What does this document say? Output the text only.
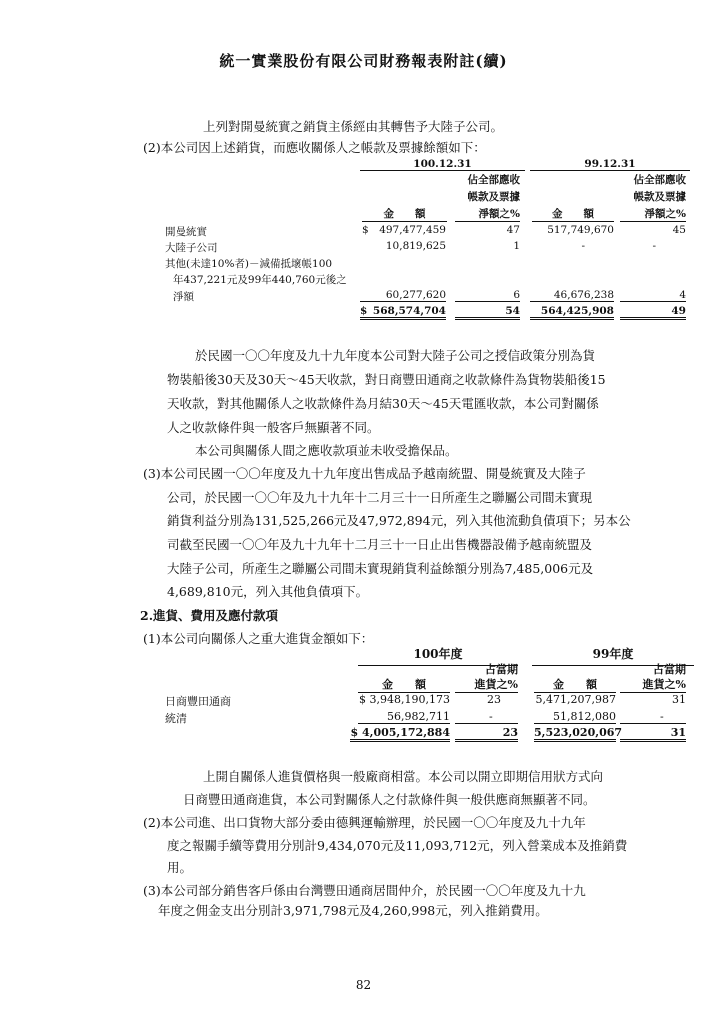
統一實業股份有限公司財務報表附註(續)
上列對開曼統實之銷貨主係經由其轉售予大陸子公司。
(2)本公司因上述銷貨，而應收關係人之帳款及票據餘額如下：
100.12.31	99.12.31
佔全部應收
帳款及票據
淨額之%
金　　額
佔全部應收
帳款及票據
淨額之%
金　　額
開曼統實	$	497,477,459	47	517,749,670	45
大陸子公司	10,819,625	1	-	-
其他(未達10%者)－減備抵壞帳100
年437,221元及99年440,760元後之
淨額	60,277,620	6	46,676,238	4
$ 568,574,704	54	564,425,908	49
於民國一〇〇年度及九十九年度本公司對大陸子公司之授信政策分別為貨
物裝船後30天及30天～45天收款，對日商豐田通商之收款條件為貨物裝船後15
天收款，對其他關係人之收款條件為月結30天～45天電匯收款，本公司對關係
人之收款條件與一般客戶無顯著不同。
本公司與關係人間之應收款項並未收受擔保品。
(3)本公司民國一〇〇年度及九十九年度出售成品予越南統盟、開曼統實及大陸子
公司，於民國一〇〇年及九十九年十二月三十一日所產生之聯屬公司間未實現
銷貨利益分別為131,525,266元及47,972,894元，列入其他流動負債項下；另本公
司截至民國一〇〇年及九十九年十二月三十一日止出售機器設備予越南統盟及
大陸子公司，所產生之聯屬公司間未實現銷貨利益餘額分別為7,485,006元及
4,689,810元，列入其他負債項下。
2.進貨、費用及應付款項
(1)本公司向關係人之重大進貨金額如下：
100年度	99年度
占當期
進貨之%
金　　額
占當期
進貨之%
金　　額
日商豐田通商	$ 3,948,190,173	23	5,471,207,987	31
統清	56,982,711	-	51,812,080	-
$ 4,005,172,884	23 5,523,020,067	31
上開自關係人進貨價格與一般廠商相當。本公司以開立即期信用狀方式向
日商豐田通商進貨，本公司對關係人之付款條件與一般供應商無顯著不同。
(2)本公司進、出口貨物大部分委由德興運輸辦理，於民國一〇〇年度及九十九年
度之報關手續等費用分別計9,434,070元及11,093,712元，列入營業成本及推銷費
用。
(3)本公司部分銷售客戶係由台灣豐田通商居間仲介，於民國一〇〇年度及九十九
年度之佣金支出分別計3,971,798元及4,260,998元，列入推銷費用。
82
